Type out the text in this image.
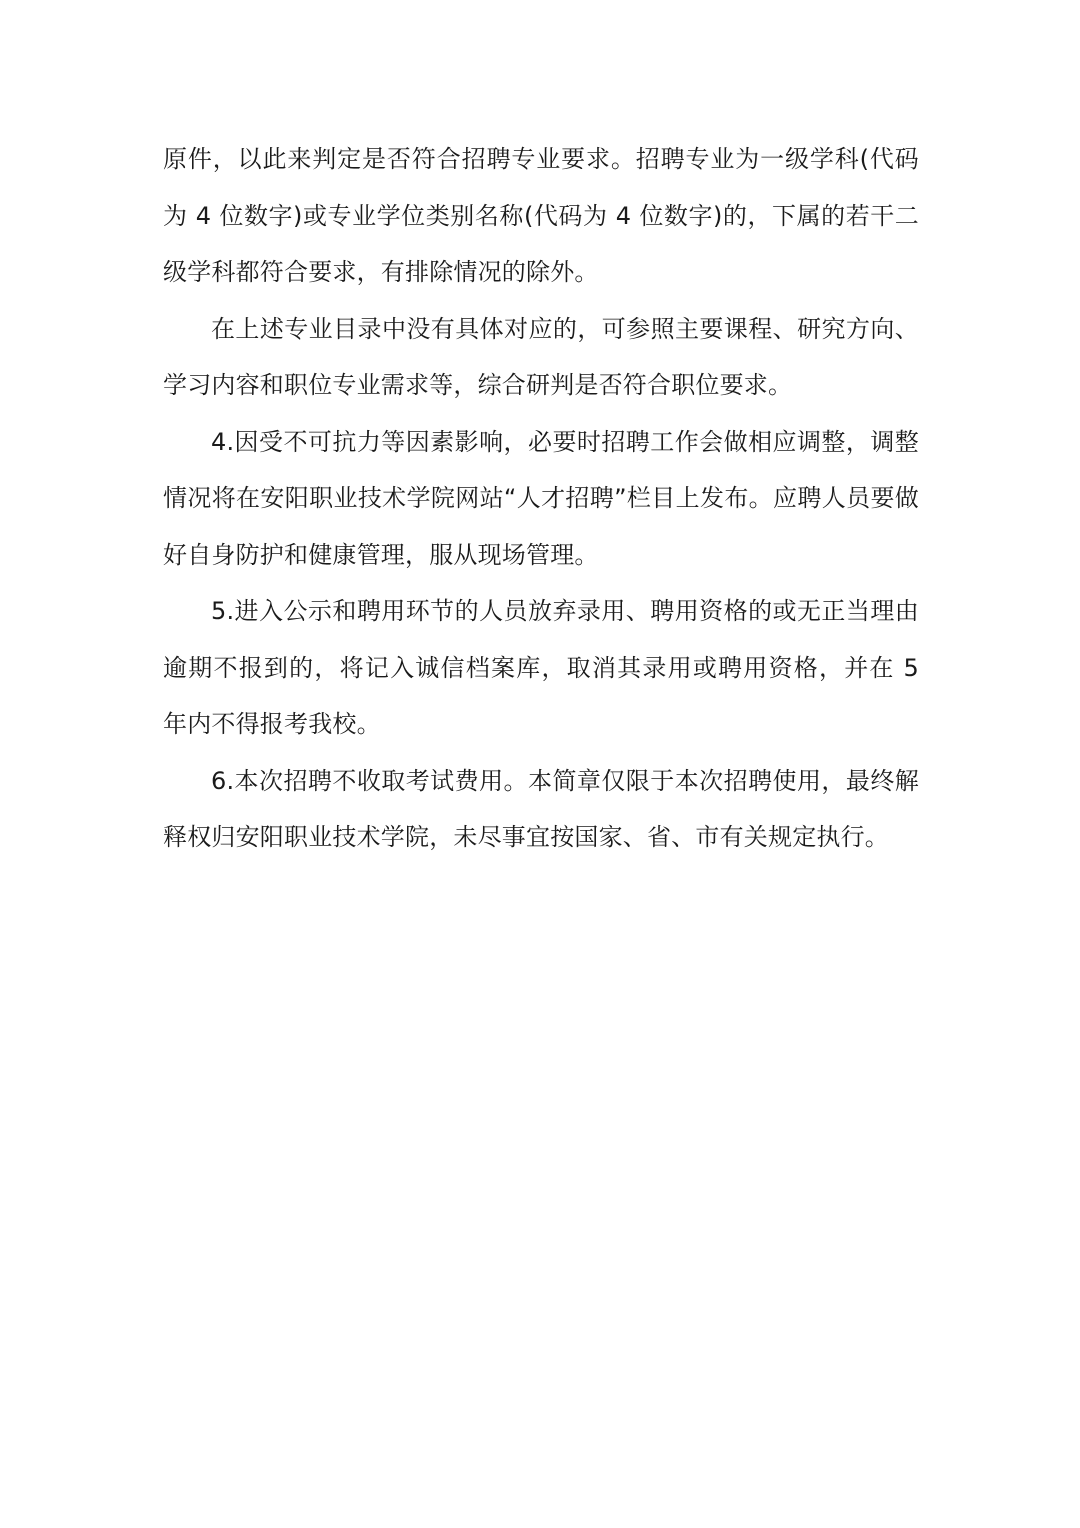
原件，以此来判定是否符合招聘专业要求。招聘专业为一级学科(代码为 4 位数字)或专业学位类别名称(代码为 4 位数字)的，下属的若干二级学科都符合要求，有排除情况的除外。

在上述专业目录中没有具体对应的，可参照主要课程、研究方向、学习内容和职位专业需求等，综合研判是否符合职位要求。

4.因受不可抗力等因素影响，必要时招聘工作会做相应调整，调整情况将在安阳职业技术学院网站“人才招聘”栏目上发布。应聘人员要做好自身防护和健康管理，服从现场管理。

5.进入公示和聘用环节的人员放弃录用、聘用资格的或无正当理由逾期不报到的，将记入诚信档案库，取消其录用或聘用资格，并在 5 年内不得报考我校。

6.本次招聘不收取考试费用。本简章仅限于本次招聘使用，最终解释权归安阳职业技术学院，未尽事宜按国家、省、市有关规定执行。
